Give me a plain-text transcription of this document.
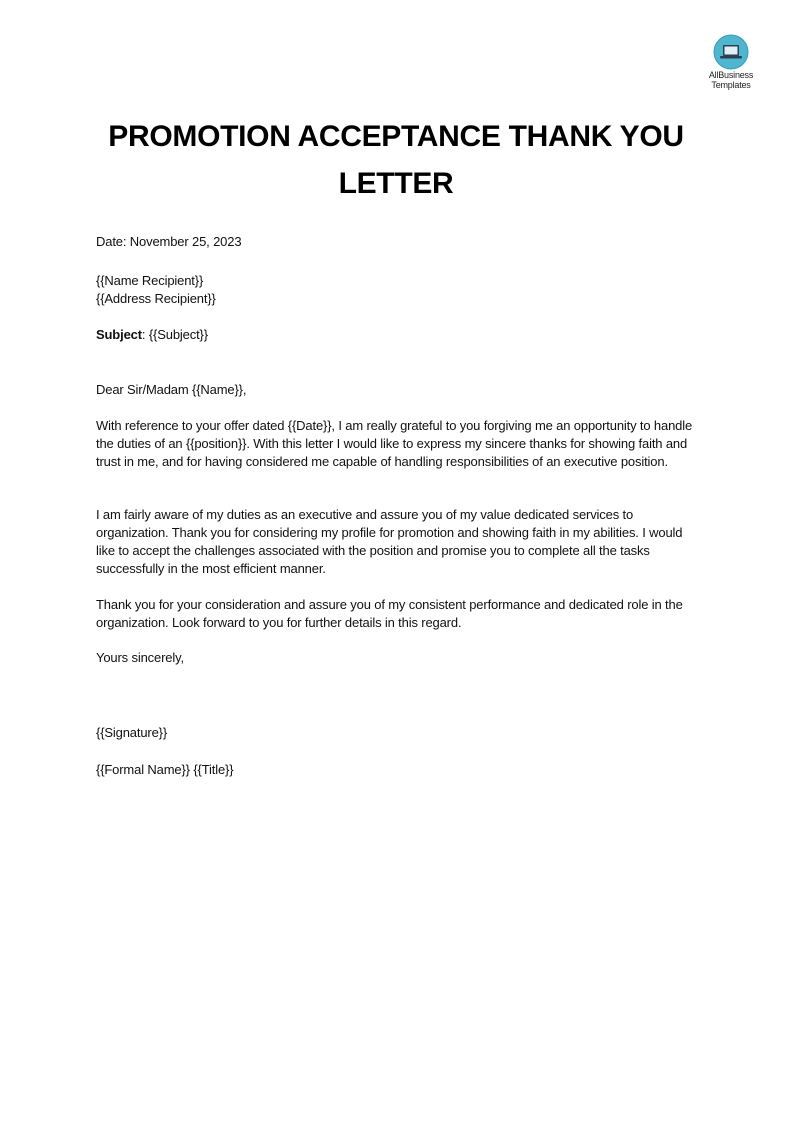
AllBusiness
Templates
PROMOTION ACCEPTANCE THANK YOU LETTER
Date: November 25, 2023

{{Name Recipient}}

{{Address Recipient}}

Subject: {{Subject}}
Dear Sir/Madam {{Name}},
With reference to your offer dated {{Date}}, I am really grateful to you forgiving me an opportunity to handle the duties of an {{position}}. With this letter I would like to express my sincere thanks for showing faith and trust in me, and for having considered me capable of handling responsibilities of an executive position.
I am fairly aware of my duties as an executive and assure you of my value dedicated services to organization. Thank you for considering my profile for promotion and showing faith in my abilities. I would like to accept the challenges associated with the position and promise you to complete all the tasks successfully in the most efficient manner.
Thank you for your consideration and assure you of my consistent performance and dedicated role in the organization. Look forward to you for further details in this regard.
Yours sincerely,
{{Signature}}
{{Formal Name}} {{Title}}
